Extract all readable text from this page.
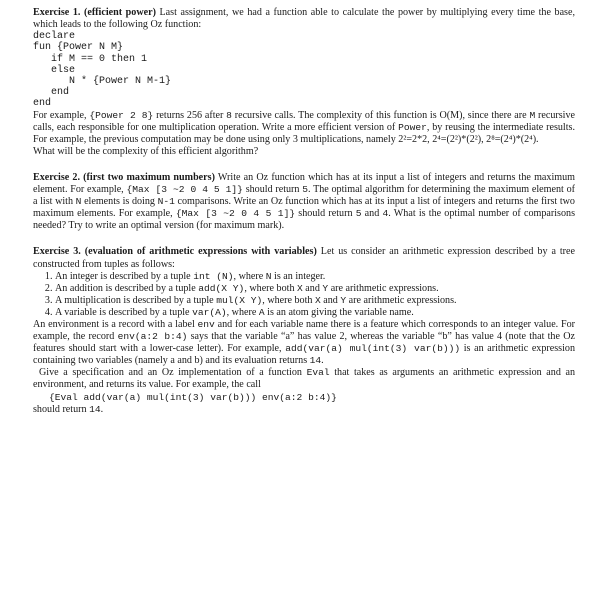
Exercise 1. (efficient power) Last assignment, we had a function able to calculate the power by multiplying every time the base, which leads to the following Oz function:

declare
fun {Power N M}
if M == 0 then 1
else
N * {Power N M-1}
end
end

For example, {Power 2 8} returns 256 after 8 recursive calls. The complexity of this function is O(M), since there are M recursive calls, each responsible for one multiplication operation. Write a more efficient version of Power, by reusing the intermediate results. For example, the previous computation may be done using only 3 multiplications, namely 2²=2*2, 2⁴=(2²)*(2²), 2⁸=(2⁴)*(2⁴).

What will be the complexity of this efficient algorithm?

Exercise 2. (first two maximum numbers) Write an Oz function which has at its input a list of integers and returns the maximum element. For example, {Max [3 ~2 0 4 5 1]} should return 5. The optimal algorithm for determining the maximum element of a list with N elements is doing N-1 comparisons. Write an Oz function which has at its input a list of integers and returns the first two maximum elements. For example, {Max [3 ~2 0 4 5 1]} should return 5 and 4. What is the optimal number of comparisons needed? Try to write an optimal version (for maximum mark).

Exercise 3. (evaluation of arithmetic expressions with variables) Let us consider an arithmetic expression described by a tree constructed from tuples as follows:

1. An integer is described by a tuple int (N), where N is an integer.
2. An addition is described by a tuple add(X Y), where both X and Y are arithmetic expressions.
3. A multiplication is described by a tuple mul(X Y), where both X and Y are arithmetic expressions.
4. A variable is described by a tuple var(A), where A is an atom giving the variable name.

An environment is a record with a label env and for each variable name there is a feature which corresponds to an integer value. For example, the record env(a:2 b:4) says that the variable “a” has value 2, whereas the variable “b” has value 4 (note that the Oz features should start with a lower-case letter). For example, add(var(a) mul(int(3) var(b))) is an arithmetic expression containing two variables (namely a and b) and its evaluation returns 14.

Give a specification and an Oz implementation of a function Eval that takes as arguments an arithmetic expression and an environment, and returns its value. For example, the call

{Eval add(var(a) mul(int(3) var(b))) env(a:2 b:4)}

should return 14.
